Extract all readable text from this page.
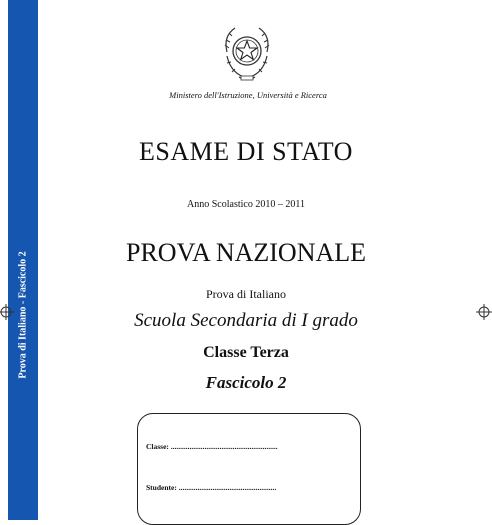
Prova di Italiano - Fascicolo 2
Ministero dell'Istruzione, Università e Ricerca
ESAME DI STATO
Anno Scolastico 2010 – 2011
PROVA NAZIONALE
Prova di Italiano
Scuola Secondaria di I grado
Classe Terza
Fascicolo 2
Classe: .........................................................
Studente: ....................................................
